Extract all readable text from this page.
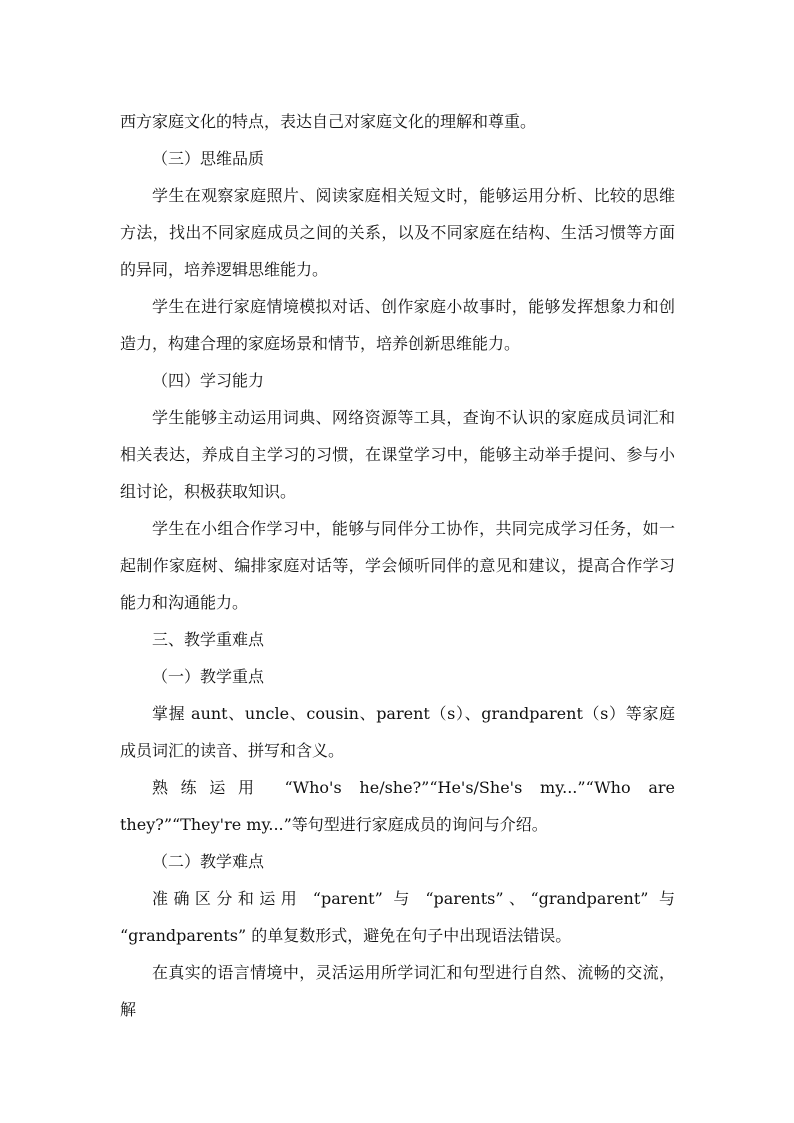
西方家庭文化的特点，表达自己对家庭文化的理解和尊重。

（三）思维品质

学生在观察家庭照片、阅读家庭相关短文时，能够运用分析、比较的思维方法，找出不同家庭成员之间的关系，以及不同家庭在结构、生活习惯等方面的异同，培养逻辑思维能力。

学生在进行家庭情境模拟对话、创作家庭小故事时，能够发挥想象力和创造力，构建合理的家庭场景和情节，培养创新思维能力。

（四）学习能力

学生能够主动运用词典、网络资源等工具，查询不认识的家庭成员词汇和相关表达，养成自主学习的习惯，在课堂学习中，能够主动举手提问、参与小组讨论，积极获取知识。

学生在小组合作学习中，能够与同伴分工协作，共同完成学习任务，如一起制作家庭树、编排家庭对话等，学会倾听同伴的意见和建议，提高合作学习能力和沟通能力。

三、教学重难点

（一）教学重点

掌握 aunt、uncle、cousin、parent（s）、grandparent（s）等家庭成员词汇的读音、拼写和含义。

熟练运用 “Who's he/she?”“He's/She's my...”“Who are they?”“They're my...”等句型进行家庭成员的询问与介绍。

（二）教学难点

准确区分和运用 “parent” 与 “parents”、“grandparent” 与 “grandparents” 的单复数形式，避免在句子中出现语法错误。

在真实的语言情境中，灵活运用所学词汇和句型进行自然、流畅的交流，解
